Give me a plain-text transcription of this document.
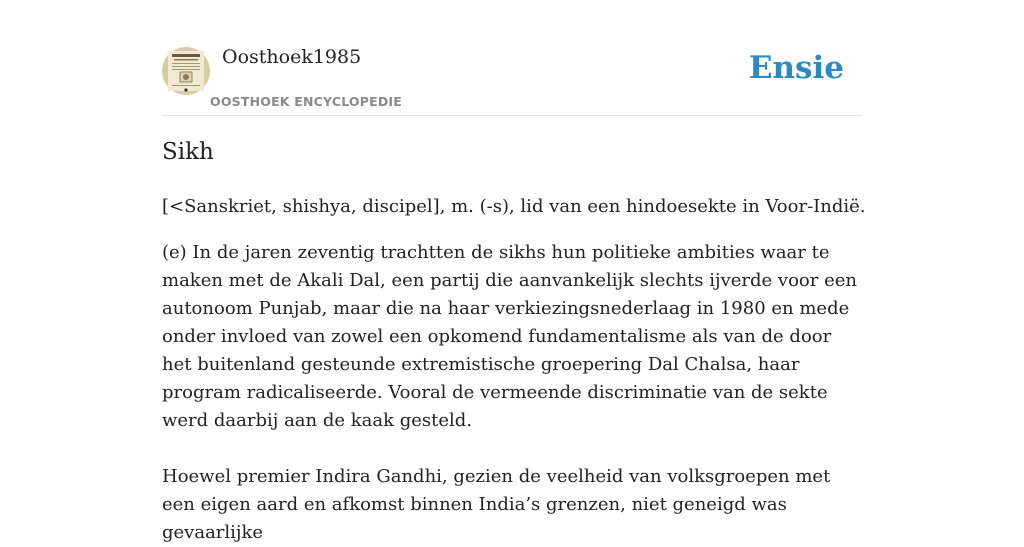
Oosthoek1985
OOSTHOEK ENCYCLOPEDIE
Ensie
Sikh
[<Sanskriet, shishya, discipel], m. (-s), lid van een hindoesekte in Voor-Indië.
(e) In de jaren zeventig trachtten de sikhs hun politieke ambities waar te maken met de Akali Dal, een partij die aanvankelijk slechts ijverde voor een autonoom Punjab, maar die na haar verkiezingsnederlaag in 1980 en mede onder invloed van zowel een opkomend fundamentalisme als van de door het buitenland gesteunde extremistische groepering Dal Chalsa, haar program radicaliseerde. Vooral de vermeende discriminatie van de sekte werd daarbij aan de kaak gesteld.
Hoewel premier Indira Gandhi, gezien de veelheid van volksgroepen met een eigen aard en afkomst binnen India’s grenzen, niet geneigd was gevaarlijke
